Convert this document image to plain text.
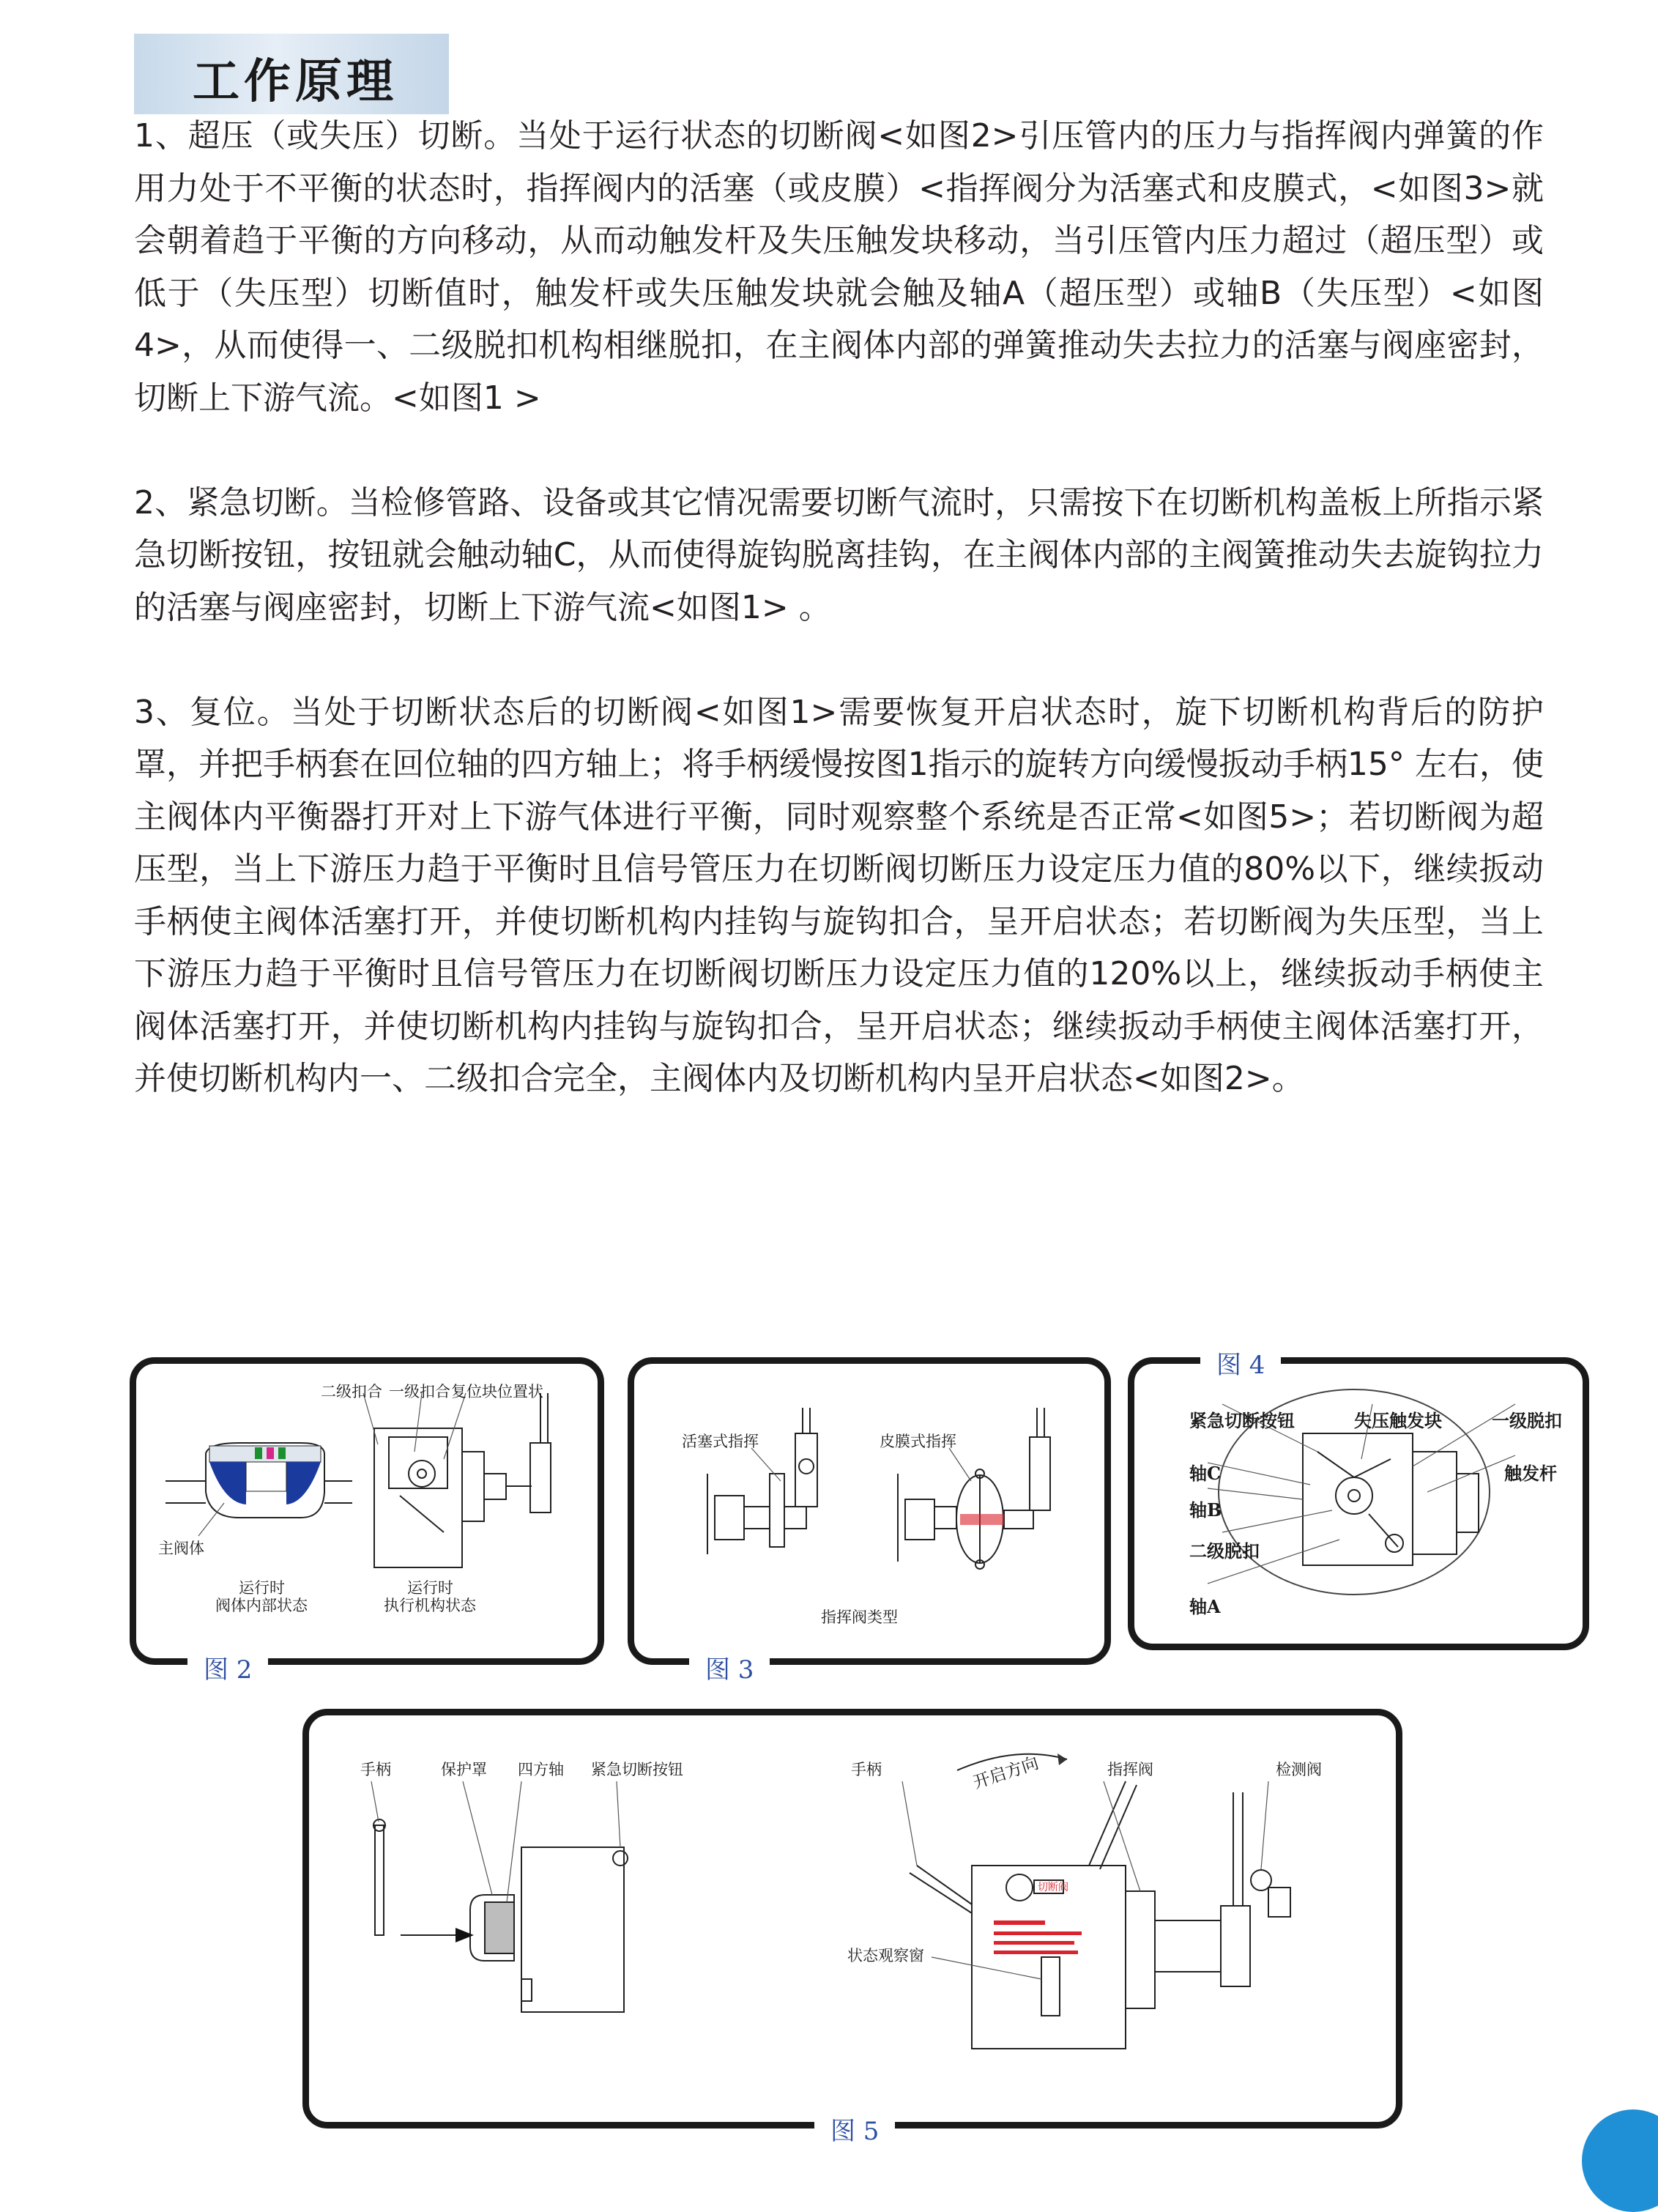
工作原理

1、超压（或失压）切断。当处于运行状态的切断阀<如图2>引压管内的压力与指挥阀内弹簧的作用力处于不平衡的状态时，指挥阀内的活塞（或皮膜）<指挥阀分为活塞式和皮膜式，<如图3>就会朝着趋于平衡的方向移动，从而动触发杆及失压触发块移动，当引压管内压力超过（超压型）或低于（失压型）切断值时，触发杆或失压触发块就会触及轴A（超压型）或轴B（失压型）<如图4>，从而使得一、二级脱扣机构相继脱扣，在主阀体内部的弹簧推动失去拉力的活塞与阀座密封，切断上下游气流。<如图1 >

2、紧急切断。当检修管路、设备或其它情况需要切断气流时，只需按下在切断机构盖板上所指示紧急切断按钮，按钮就会触动轴C，从而使得旋钩脱离挂钩，在主阀体内部的主阀簧推动失去旋钩拉力的活塞与阀座密封，切断上下游气流<如图1> 。

3、复位。当处于切断状态后的切断阀<如图1>需要恢复开启状态时，旋下切断机构背后的防护罩，并把手柄套在回位轴的四方轴上；将手柄缓慢按图1指示的旋转方向缓慢扳动手柄15° 左右，使主阀体内平衡器打开对上下游气体进行平衡，同时观察整个系统是否正常<如图5>；若切断阀为超压型，当上下游压力趋于平衡时且信号管压力在切断阀切断压力设定压力值的80%以下，继续扳动手柄使主阀体活塞打开，并使切断机构内挂钩与旋钩扣合，呈开启状态；若切断阀为失压型，当上下游压力趋于平衡时且信号管压力在切断阀切断压力设定压力值的120%以上，继续扳动手柄使主阀体活塞打开，并使切断机构内挂钩与旋钩扣合，呈开启状态；继续扳动手柄使主阀体活塞打开，并使切断机构内一、二级扣合完全，主阀体内及切断机构内呈开启状态<如图2>。

二级扣合 一级扣合 复位块位置状
主阀体
运行时
阀体内部状态
运行时
执行机构状态
图 2
活塞式指挥	皮膜式指挥
指挥阀类型
图 3
紧急切断按钮	失压触发块	一级脱扣
轴C	触发杆
轴B
二级脱扣
轴A
图 4
手柄	保护罩 四方轴 紧急切断按钮	手柄	开启方向	指挥阀	检测阀
状态观察窗
切断阀
图 5
